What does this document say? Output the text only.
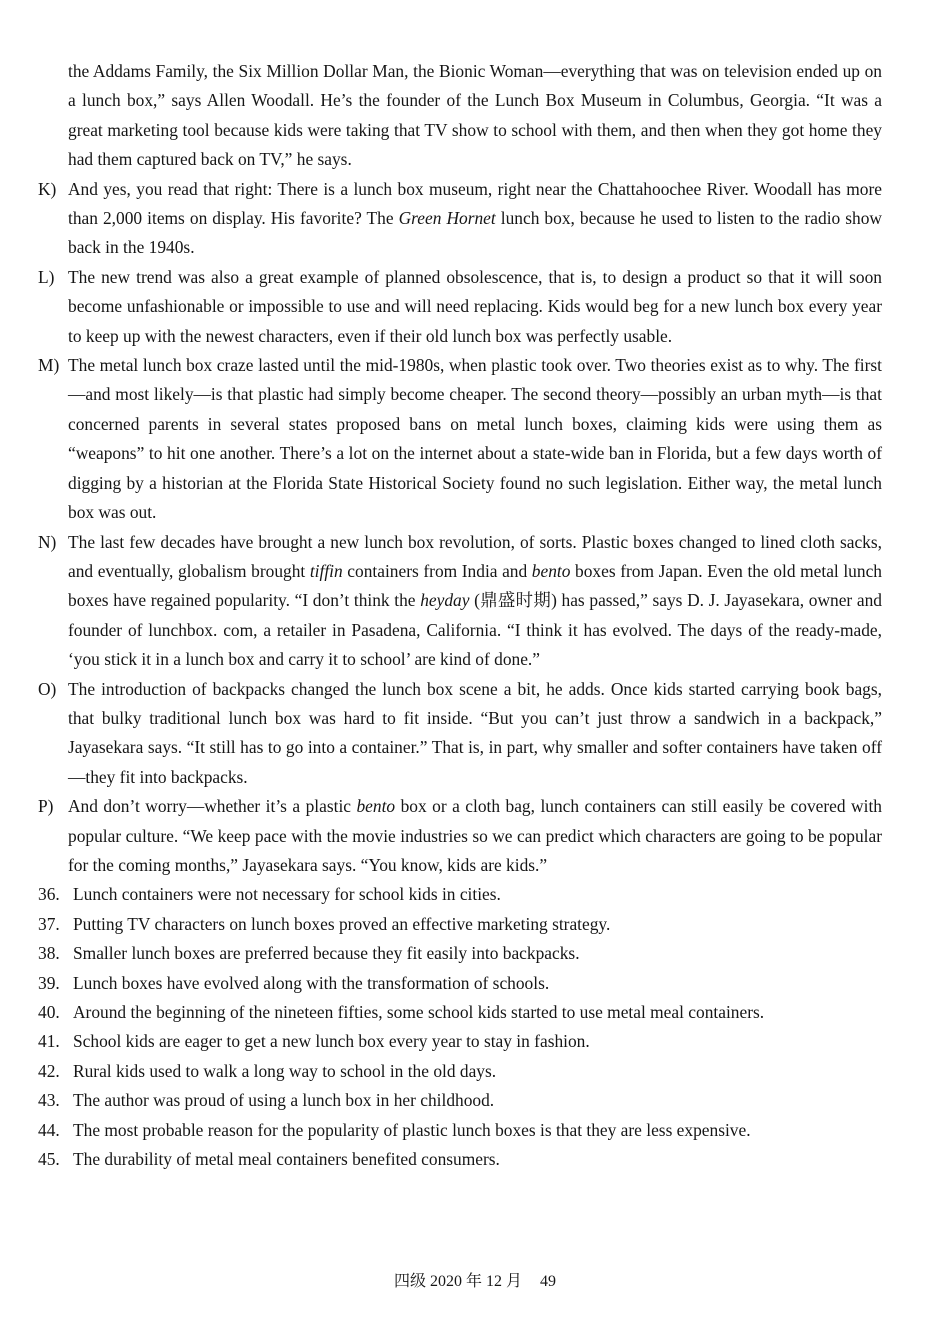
the Addams Family, the Six Million Dollar Man, the Bionic Woman—everything that was on television ended up on a lunch box,” says Allen Woodall. He’s the founder of the Lunch Box Museum in Columbus, Georgia. “It was a great marketing tool because kids were taking that TV show to school with them, and then when they got home they had them captured back on TV,” he says.
K) And yes, you read that right: There is a lunch box museum, right near the Chattahoochee River. Woodall has more than 2,000 items on display. His favorite? The Green Hornet lunch box, because he used to listen to the radio show back in the 1940s.
L) The new trend was also a great example of planned obsolescence, that is, to design a product so that it will soon become unfashionable or impossible to use and will need replacing. Kids would beg for a new lunch box every year to keep up with the newest characters, even if their old lunch box was perfectly usable.
M) The metal lunch box craze lasted until the mid-1980s, when plastic took over. Two theories exist as to why. The first—and most likely—is that plastic had simply become cheaper. The second theory—possibly an urban myth—is that concerned parents in several states proposed bans on metal lunch boxes, claiming kids were using them as “weapons” to hit one another. There’s a lot on the internet about a state-wide ban in Florida, but a few days worth of digging by a historian at the Florida State Historical Society found no such legislation. Either way, the metal lunch box was out.
N) The last few decades have brought a new lunch box revolution, of sorts. Plastic boxes changed to lined cloth sacks, and eventually, globalism brought tiffin containers from India and bento boxes from Japan. Even the old metal lunch boxes have regained popularity. “I don’t think the heyday (鼎盛时期) has passed,” says D. J. Jayasekara, owner and founder of lunchbox. com, a retailer in Pasadena, California. “I think it has evolved. The days of the ready-made, ‘you stick it in a lunch box and carry it to school’ are kind of done.”
O) The introduction of backpacks changed the lunch box scene a bit, he adds. Once kids started carrying book bags, that bulky traditional lunch box was hard to fit inside. “But you can’t just throw a sandwich in a backpack,” Jayasekara says. “It still has to go into a container.” That is, in part, why smaller and softer containers have taken off—they fit into backpacks.
P) And don’t worry—whether it’s a plastic bento box or a cloth bag, lunch containers can still easily be covered with popular culture. “We keep pace with the movie industries so we can predict which characters are going to be popular for the coming months,” Jayasekara says. “You know, kids are kids.”
36. Lunch containers were not necessary for school kids in cities.
37. Putting TV characters on lunch boxes proved an effective marketing strategy.
38. Smaller lunch boxes are preferred because they fit easily into backpacks.
39. Lunch boxes have evolved along with the transformation of schools.
40. Around the beginning of the nineteen fifties, some school kids started to use metal meal containers.
41. School kids are eager to get a new lunch box every year to stay in fashion.
42. Rural kids used to walk a long way to school in the old days.
43. The author was proud of using a lunch box in her childhood.
44. The most probable reason for the popularity of plastic lunch boxes is that they are less expensive.
45. The durability of metal meal containers benefited consumers.
四级 2020 年 12 月 49
